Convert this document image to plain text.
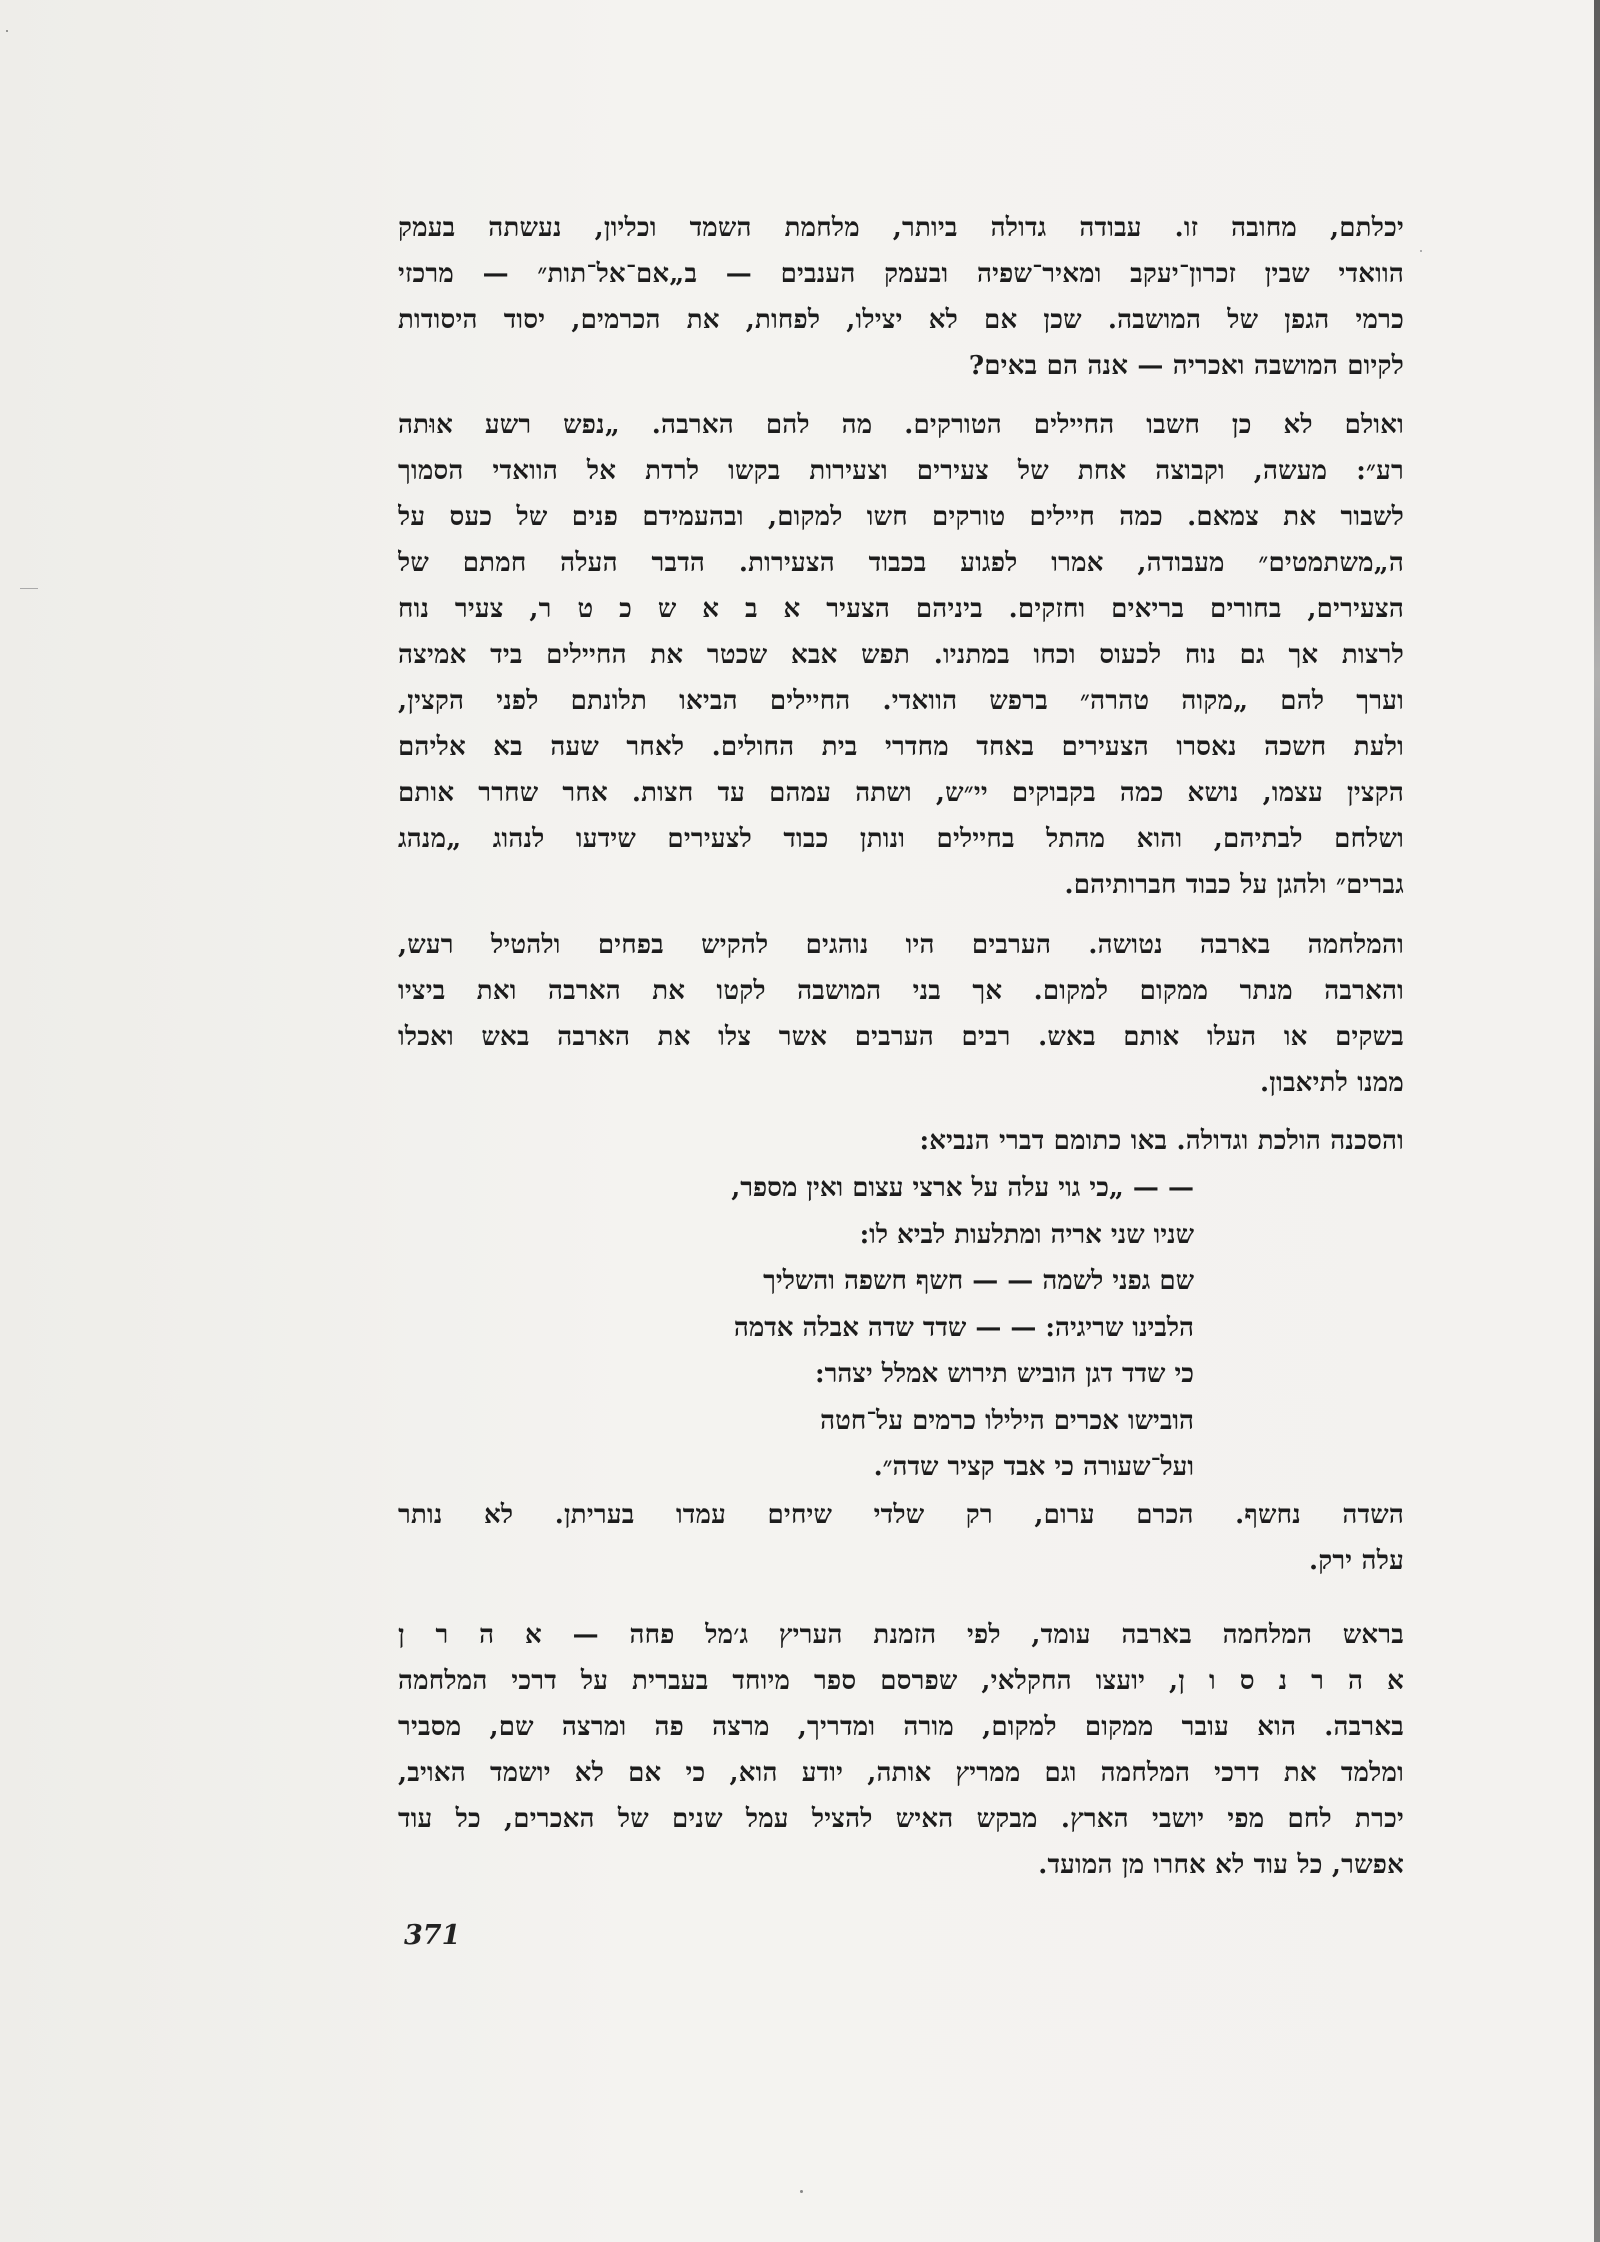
יכלתם, מחובה זו. עבודה גדולה ביותר, מלחמת השמד וכליון, נעשתה בעמק
הוואדי שבין זכרון־יעקב ומאיר־שפיה ובעמק הענבים — ב„אם־אל־תות״ — מרכזי
כרמי הגפן של המושבה. שכן אם לא יצילו, לפחות, את הכרמים, יסוד היסודות
לקיום המושבה ואכריה — אנה הם באים?
ואולם לא כן חשבו החיילים הטורקים. מה להם הארבה. „נפש רשע אוּתה
רע״: מעשה, וקבוצה אחת של צעירים וצעירות בקשו לרדת אל הוואדי הסמוך
לשבור את צמאם. כמה חיילים טורקים חשו למקום, ובהעמידם פנים של כעס על
ה„משתמטים״ מעבודה, אמרו לפגוע בכבוד הצעירות. הדבר העלה חמתם של
הצעירים, בחורים בריאים וחזקים. ביניהם הצעיר א ב א ש כ ט ר, צעיר נוח
לרצות אך גם נוח לכעוס וכחו במתניו. תפש אבא שכטר את החיילים ביד אמיצה
וערך להם „מקוה טהרה״ ברפש הוואדי. החיילים הביאו תלונתם לפני הקצין,
ולעת חשכה נאסרו הצעירים באחד מחדרי בית החולים. לאחר שעה בא אליהם
הקצין עצמו, נושא כמה בקבוקים יי״ש, ושתה עמהם עד חצות. אחר שחרר אותם
ושלחם לבתיהם, והוא מהתל בחיילים ונותן כבוד לצעירים שידעו לנהוג „מנהג
גברים״ ולהגן על כבוד חברותיהם.
והמלחמה בארבה נטושה. הערבים היו נוהגים להקיש בפחים ולהטיל רעש,
והארבה מנתר ממקום למקום. אך בני המושבה לקטו את הארבה ואת ביציו
בשקים או העלו אותם באש. רבים הערבים אשר צלו את הארבה באש ואכלו
ממנו לתיאבון.
והסכנה הולכת וגדולה. באו כתומם דברי הנביא:
— — „כי גוי עלה על ארצי עצום ואין מספר,
שניו שני אריה ומתלעות לביא לו:
שם גפני לשמה — — חשף חשפה והשליך
הלבינו שריגיה: — — שדד שדה אבלה אדמה
כי שדד דגן הוביש תירוש אמלל יצהר:
הובישו אכרים הילילו כרמים על־חטה
ועל־שעורה כי אבד קציר שדה״.
השדה נחשף. הכרם ערום, רק שלדי שיחים עמדו בעריתן. לא נותר
עלה ירק.
בראש המלחמה בארבה עומד, לפי הזמנת העריץ ג׳מל פחה — א ה ר ן
א ה ר נ ס ו ן, יועצו החקלאי, שפרסם ספר מיוחד בעברית על דרכי המלחמה
בארבה. הוא עובר ממקום למקום, מורה ומדריך, מרצה פה ומרצה שם, מסביר
ומלמד את דרכי המלחמה וגם ממריץ אותה, יודע הוא, כי אם לא יושמד האויב,
יכרת לחם מפי יושבי הארץ. מבקש האיש להציל עמל שנים של האכרים, כל עוד
אפשר, כל עוד לא אחרו מן המועד.
371
